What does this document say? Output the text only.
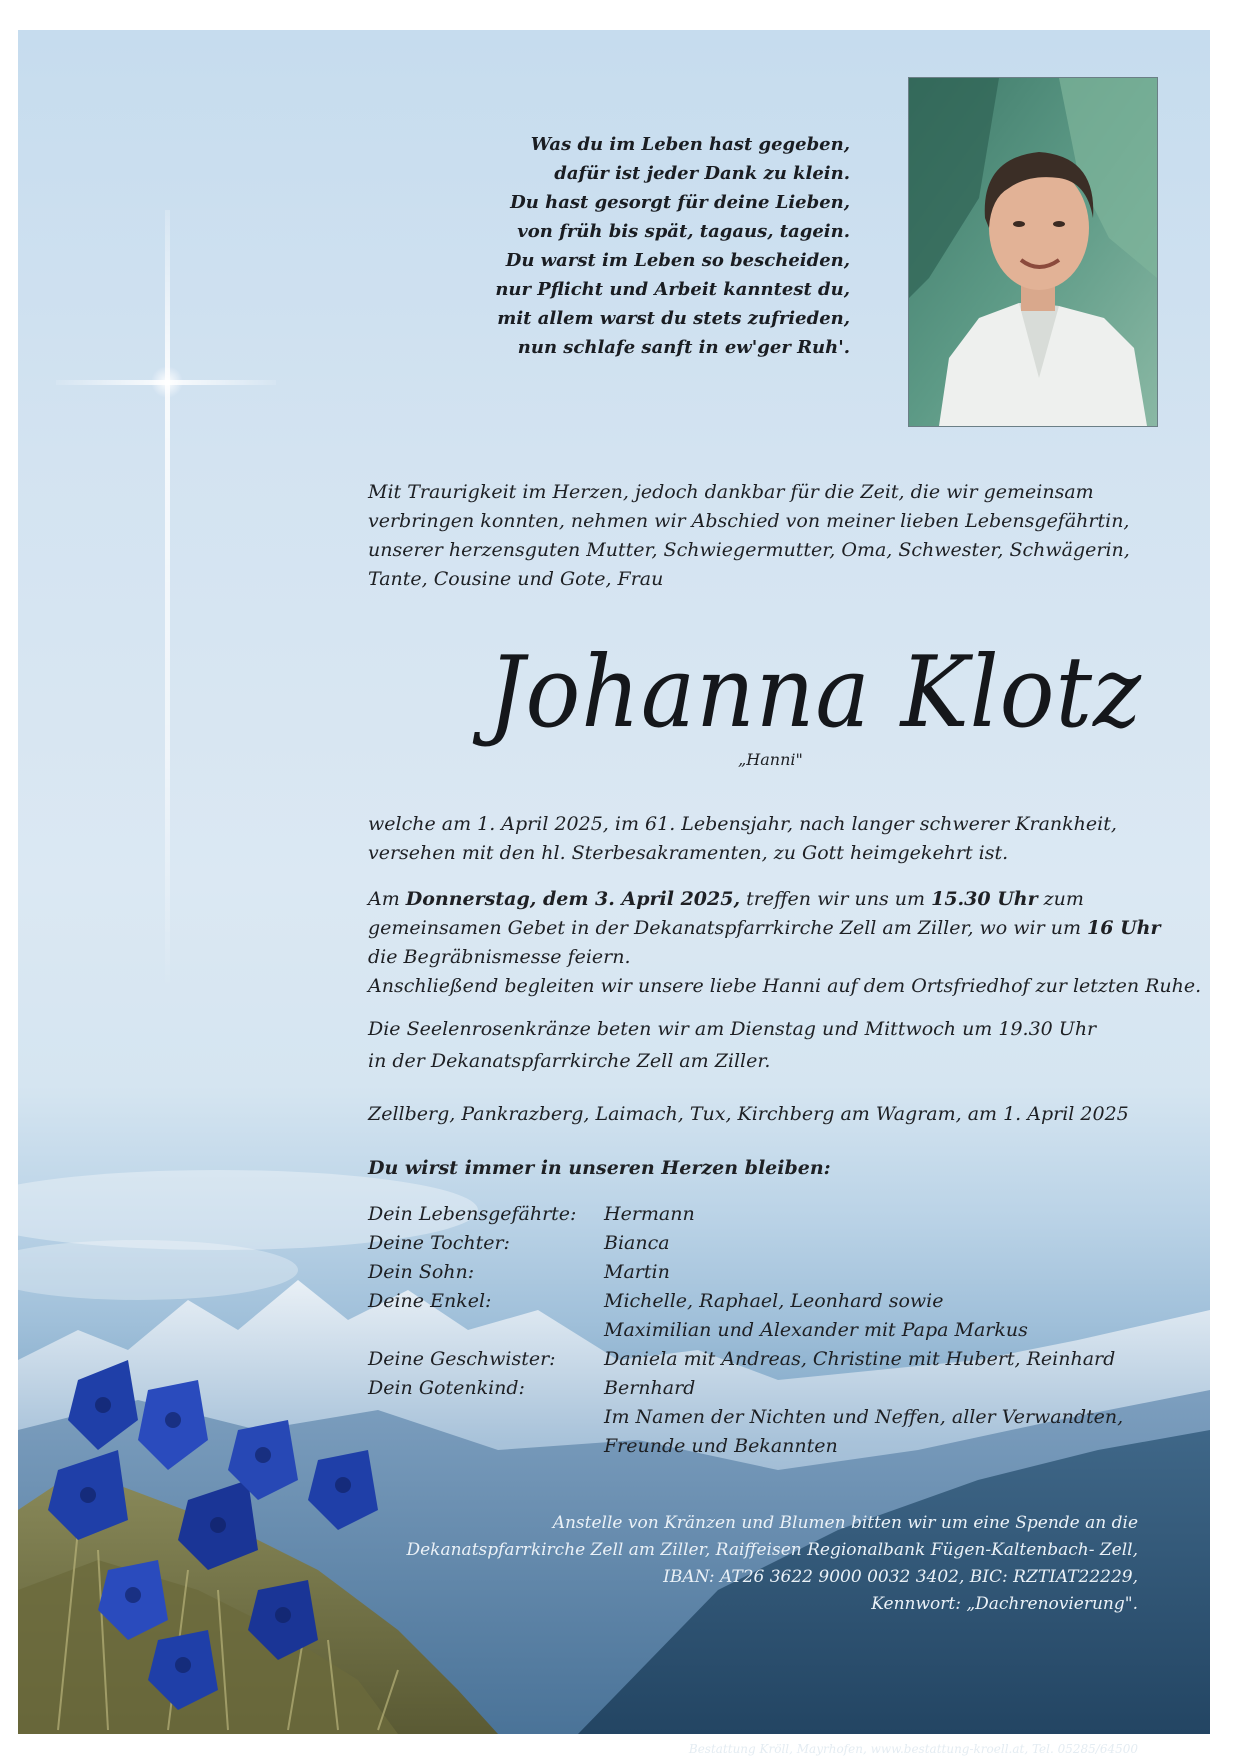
Was du im Leben hast gegeben,
dafür ist jeder Dank zu klein.
Du hast gesorgt für deine Lieben,
von früh bis spät, tagaus, tagein.
Du warst im Leben so bescheiden,
nur Pflicht und Arbeit kanntest du,
mit allem warst du stets zufrieden,
nun schlafe sanft in ew'ger Ruh'.

Mit Traurigkeit im Herzen, jedoch dankbar für die Zeit, die wir gemeinsam

verbringen konnten, nehmen wir Abschied von meiner lieben Lebensgefährtin,

unserer herzensguten Mutter, Schwiegermutter, Oma, Schwester, Schwägerin,

Tante, Cousine und Gote, Frau

Johanna Klotz
„Hanni"

welche am 1. April 2025, im 61. Lebensjahr, nach langer schwerer Krankheit,

versehen mit den hl. Sterbesakramenten, zu Gott heimgekehrt ist.

Am Donnerstag, dem 3. April 2025, treffen wir uns um 15.30 Uhr zum

gemeinsamen Gebet in der Dekanatspfarrkirche Zell am Ziller, wo wir um 16 Uhr

die Begräbnismesse feiern.

Anschließend begleiten wir unsere liebe Hanni auf dem Ortsfriedhof zur letzten Ruhe.

Die Seelenrosenkränze beten wir am Dienstag und Mittwoch um 19.30 Uhr

in der Dekanatspfarrkirche Zell am Ziller.

Zellberg, Pankrazberg, Laimach, Tux, Kirchberg am Wagram, am 1. April 2025
Du wirst immer in unseren Herzen bleiben:
Dein Lebensgefährte:	Hermann
Deine Tochter:	Bianca
Dein Sohn:	Martin
Deine Enkel:	Michelle, Raphael, Leonhard sowie
Maximilian und Alexander mit Papa Markus
Deine Geschwister:	Daniela mit Andreas, Christine mit Hubert, Reinhard
Dein Gotenkind:	Bernhard
Im Namen der Nichten und Neffen, aller Verwandten,
Freunde und Bekannten
Anstelle von Kränzen und Blumen bitten wir um eine Spende an die
Dekanatspfarrkirche Zell am Ziller, Raiffeisen Regionalbank Fügen-Kaltenbach- Zell,
IBAN: AT26 3622 9000 0032 3402, BIC: RZTIAT22229,
Kennwort: „Dachrenovierung".
Bestattung Kröll, Mayrhofen, www.bestattung-kroell.at, Tel. 05285/64500
